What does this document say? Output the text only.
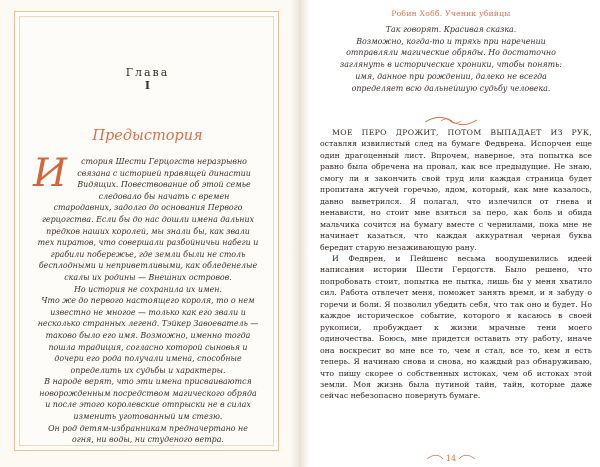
Глава
I
Предыстория

И стория Шести Герцогств неразрывно связана с историей правящей династии Видящих. Повествование об этой семье следовало бы начать с времен стародавних, задолго до основания Первого герцогства. Если бы до нас дошли имена дальних предков наших королей, мы знали бы, как звали тех пиратов, что совершали разбойничьи набеги и грабили побережье, где земли были не столь бесплодными и неприветливыми, как обледенелые скалы их родины — Внешних островов.

Но история не сохранила их имен.

Что же до первого настоящего короля, то о нем известно не многое — только как его звали и несколько странных легенд. Тэйкер Завоеватель — таково было его имя. Возможно, именно тогда пошла традиция, согласно которой сыновья и дочери его рода получали имена, способные определить их судьбы и характеры.

В народе верят, что эти имена присваиваются новорожденным посредством магического обряда и после этого королевские отпрыски не в силах изменить уготованный им стезю.

Он род детям-избранникам предначертано не огня, ни воды, ни студеного ветра.

Робин Хобб. Ученик убийцы

Так говорят. Красивая сказка.

Возможно, когда-то и тряхь при наречении

отправляли магические обряды. Но достаточно

заглянуть в исторические хроники, чтобы понять:

имя, данное при рождении, далеко не всегда

определяет всю дальнейшую судьбу человека.

МОЕ ПЕРО ДРОЖИТ, ПОТОМ ВЫПАДАЕТ ИЗ РУК, оставляя извилистый след на бумаге Федврена. Испорчен еще один драгоценный лист. Впрочем, наверное, эта попытка все равно была обречена на провал, как все предыдущие. Не знаю, смогу ли я закончить свой труд или каждая страница будет пропитана жгучей горечью, ядом, который, как мне казалось, давно выветрился. Я полагал, что излечился от гнева и ненависти, но стоит мне взяться за перо, как боль и обида мальчика сочится на бумагу вместе с чернилами, пока мне не начинает казаться, что каждая аккуратная черная буква бередит старую незаживающую рану.

И Федврен, и Пейшенс весьма воодушевились идеей написания истории Шести Герцогств. Было решено, что попробовать стоит, попытка не пытка, лишь бы у меня хватило сил. Работа отвлечет меня, поможет занять время, и я забуду о горечи и боли. Я позволил убедить себя, что так оно и будет. Но каждое историческое событие, которого я касаюсь в своей рукописи, пробуждает к жизни мрачные тени моего одиночества. Боюсь, мне придется оставить эту работу, иначе она воскресит во мне все то, чем я стал, все то, кем я есть теперь. Я начинаю снова и снова, но каждый раз обнаруживаю, что пишу скорее о собственных истоках, чем об истоках этой земли. Моя жизнь была путиной тайн, тайн, которые даже сейчас небезопасно повернуть бумаге.

14
